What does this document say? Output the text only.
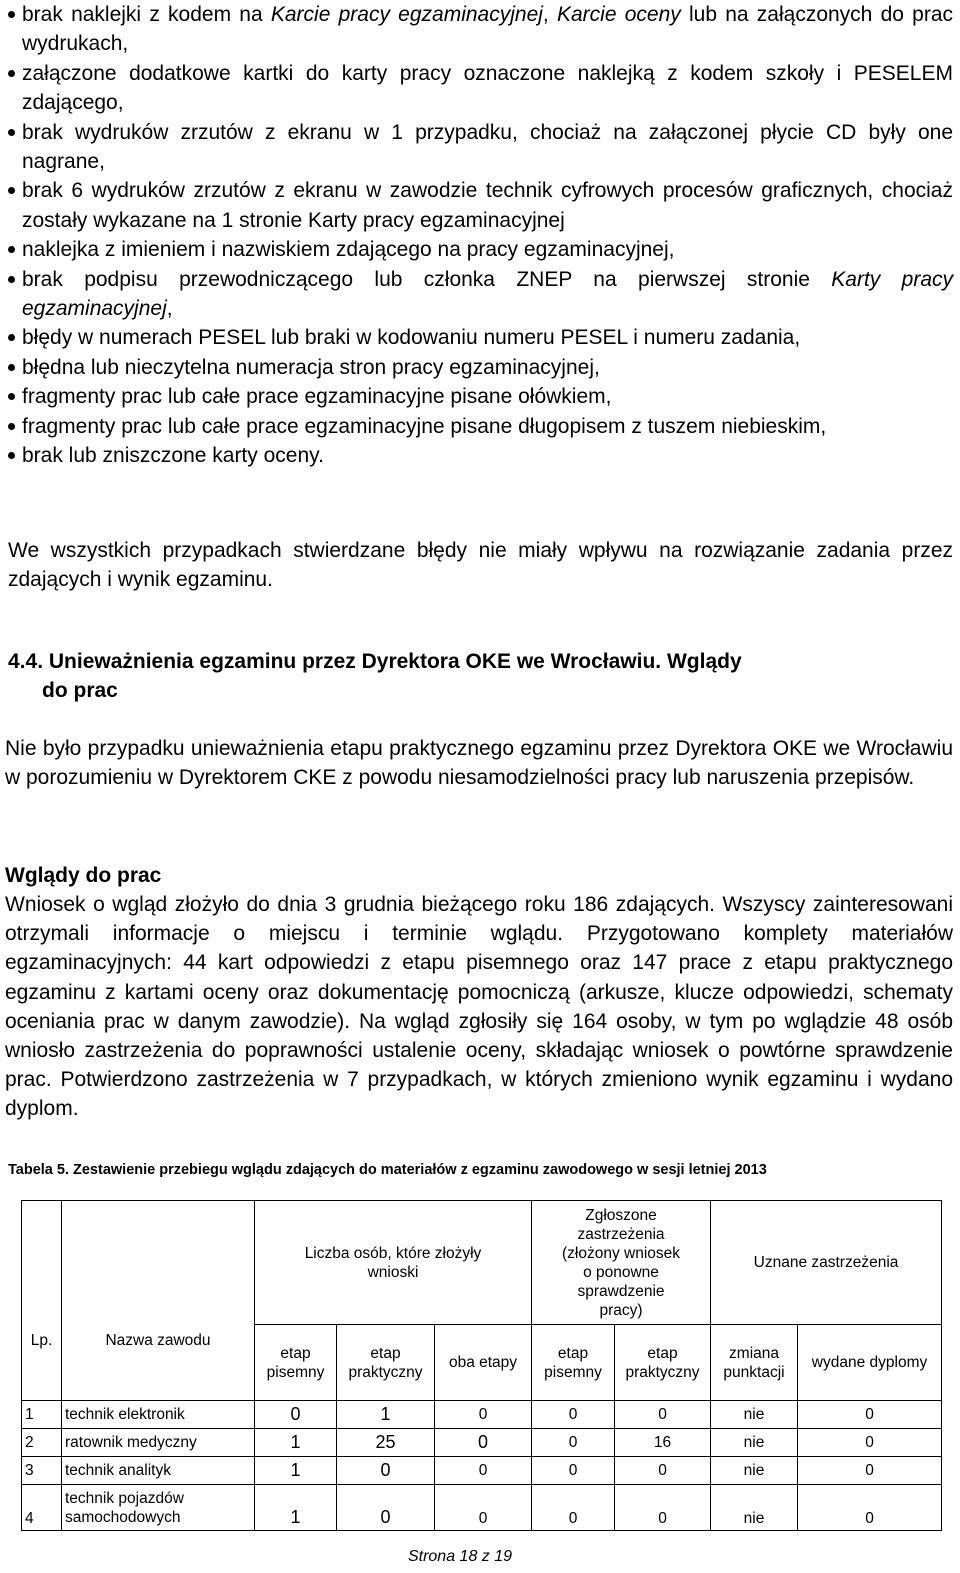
brak naklejki z kodem na Karcie pracy egzaminacyjnej, Karcie oceny lub na załączonych do prac wydrukach,
załączone dodatkowe kartki do karty pracy oznaczone naklejką z kodem szkoły i PESELEM zdającego,
brak wydruków zrzutów z ekranu w 1 przypadku, chociaż na załączonej płycie CD były one nagrane,
brak 6 wydruków zrzutów z ekranu w zawodzie technik cyfrowych procesów graficznych, chociaż zostały wykazane na 1 stronie Karty pracy egzaminacyjnej
naklejka z imieniem i nazwiskiem zdającego na pracy egzaminacyjnej,
brak podpisu przewodniczącego lub członka ZNEP na pierwszej stronie Karty pracy egzaminacyjnej,
błędy w numerach PESEL lub braki w kodowaniu numeru PESEL i numeru zadania,
błędna lub nieczytelna numeracja stron pracy egzaminacyjnej,
fragmenty prac lub całe prace egzaminacyjne pisane ołówkiem,
fragmenty prac lub całe prace egzaminacyjne pisane długopisem z tuszem niebieskim,
brak lub zniszczone karty oceny.
We wszystkich przypadkach stwierdzane błędy nie miały wpływu na rozwiązanie zadania przez zdających i wynik egzaminu.
4.4. Unieważnienia egzaminu przez Dyrektora OKE we Wrocławiu. Wglądy
do prac
Nie było przypadku unieważnienia etapu praktycznego egzaminu przez Dyrektora OKE we Wrocławiu w porozumieniu w Dyrektorem CKE z powodu niesamodzielności pracy lub naruszenia przepisów.
Wglądy do prac
Wniosek o wgląd złożyło do dnia 3 grudnia bieżącego roku 186 zdających. Wszyscy zainteresowani otrzymali informacje o miejscu i terminie wglądu. Przygotowano komplety materiałów egzaminacyjnych: 44 kart odpowiedzi z etapu pisemnego oraz 147 prace z etapu praktycznego egzaminu z kartami oceny oraz dokumentację pomocniczą (arkusze, klucze odpowiedzi, schematy oceniania prac w danym zawodzie). Na wgląd zgłosiły się 164 osoby, w tym po wglądzie 48 osób wniosło zastrzeżenia do poprawności ustalenie oceny, składając wniosek o powtórne sprawdzenie prac. Potwierdzono zastrzeżenia w 7 przypadkach, w których zmieniono wynik egzaminu i wydano dyplom.
Tabela 5. Zestawienie przebiegu wglądu zdających do materiałów z egzaminu zawodowego w sesji letniej 2013
Lp.	Nazwa zawodu	Liczba osób, które złożyły wnioski			Zgłoszone zastrzeżenia (złożony wniosek o ponowne sprawdzenie pracy)		Uznane zastrzeżenia	
		etap pisemny	etap praktyczny	oba etapy	etap pisemny	etap praktyczny	zmiana punktacji	wydane dyplomy
1	technik elektronik	0	1	0	0	0	nie	0
2	ratownik medyczny	1	25	0	0	16	nie	0
3	technik analityk	1	0	0	0	0	nie	0
4	technik pojazdów samochodowych	1	0	0	0	0	nie	0
Strona 18 z 19
